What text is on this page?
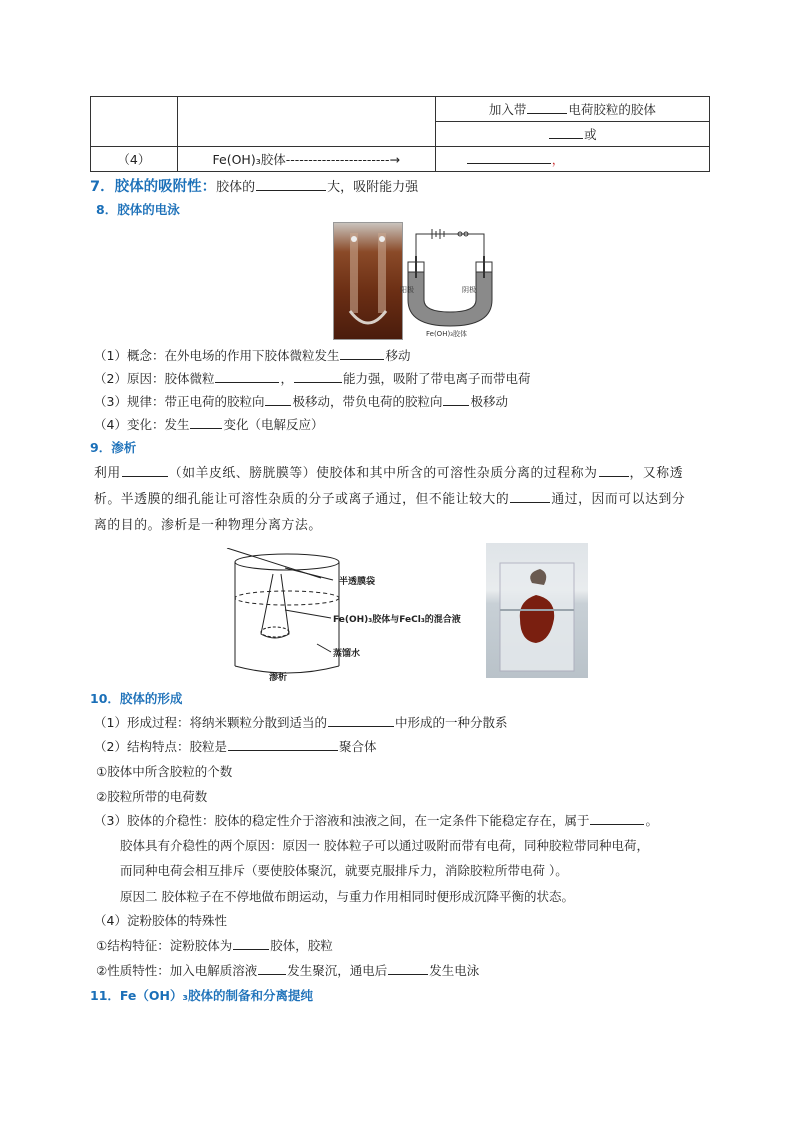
		加入带 电荷胶粒的胶体
		或
（4）	Fe(OH)₃胶体-----------------------→	，
7．胶体的吸附性：胶体的	大，吸附能力强
8．胶体的电泳
阳极	阴极
Fe(OH)₃胶体
（1）概念：在外电场的作用下胶体微粒发生	移动
（2）原因：胶体微粒	，	能力强，吸附了带电离子而带电荷
（3）规律：带正电荷的胶粒向 极移动，带负电荷的胶粒向 极移动
（4）变化：发生	变化（电解反应）
9．渗析
利用	（如羊皮纸、膀胱膜等）使胶体和其中所含的可溶性杂质分离的过程称为	，又称透
析。半透膜的细孔能让可溶性杂质的分子或离子通过，但不能让较大的	通过，因而可以达到分
离的目的。渗析是一种物理分离方法。
半透膜袋
Fe(OH)₃胶体与FeCl₃的混合液
蒸馏水
渗析
10．胶体的形成
（1）形成过程：将纳米颗粒分散到适当的	中形成的一种分散系
（2）结构特点：胶粒是	聚合体
①胶体中所含胶粒的个数
②胶粒所带的电荷数
（3）胶体的介稳性：胶体的稳定性介于溶液和浊液之间，在一定条件下能稳定存在，属于	。
胶体具有介稳性的两个原因：原因一 胶体粒子可以通过吸附而带有电荷，同种胶粒带同种电荷，
而同种电荷会相互排斥（要使胶体聚沉，就要克服排斥力，消除胶粒所带电荷 ）。
原因二 胶体粒子在不停地做布朗运动，与重力作用相同时便形成沉降平衡的状态。
（4）淀粉胶体的特殊性
①结构特征：淀粉胶体为	胶体，胶粒
②性质特性：加入电解质溶液 发生聚沉，通电后	发生电泳
11．Fe（OH）₃胶体的制备和分离提纯
